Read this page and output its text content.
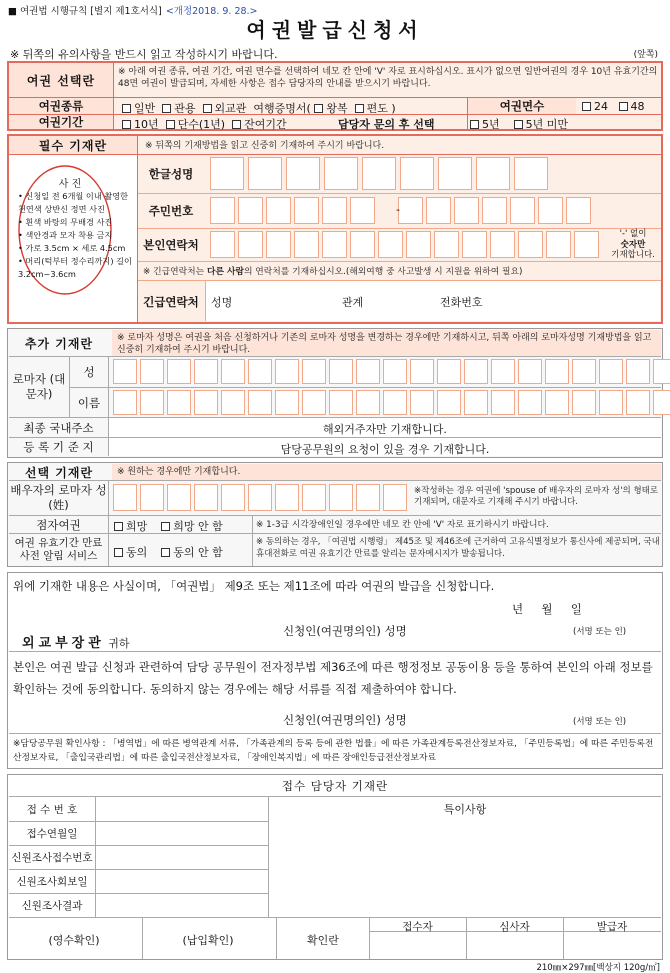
■ 여권법 시행규칙 [별지 제1호서식] <개정2018. 9. 28.>
여권발급신청서
※ 뒤쪽의 유의사항을 반드시 읽고 작성하시기 바랍니다.	(앞쪽)
여권 선택란
※ 아래 여권 종류, 여권 기간, 여권 면수를 선택하여 네모 칸 안에 'V' 자로 표시하십시오. 표시가 없으면 일반여권의 경우 10년 유효기간의 48면 여권이 발급되며, 자세한 사항은 접수 담당자의 안내를 받으시기 바랍니다.
여권종류	일반 관용 외교관 여행증명서( 왕복 편도 )	여권면수	24 48
여권기간	10년 단수(1년) 잔여기간	담당자 문의 후 선택	5년 5년 미만
필수 기재란	※ 뒤쪽의 기재방법을 읽고 신중히 기재하여 주시기 바랍니다.
사 진
• 신청일 전 6개월 이내 촬영한 천연색 상반신 정면 사진
• 흰색 바탕의 무배경 사진
• 색안경과 모자 착용 금지
• 가로 3.5cm × 세로 4.5cm
• 머리(턱부터 정수리까지) 길이 3.2cm~3.6cm
한글성명
주민번호	-
본인연락처
'-' 없이
숫자만
기재합니다.
※ 긴급연락처는 다른 사람의 연락처를 기재하십시오.(해외여행 중 사고발생 시 지원을 위하여 필요)
긴급연락처	성명	관계	전화번호
추가 기재란	※ 로마자 성명은 여권을 처음 신청하거나 기존의 로마자 성명을 변경하는 경우에만 기재하시고, 뒤쪽 아래의 로마자성명 기재방법을 읽고 신중히 기재하여 주시기 바랍니다.
로마자 (대문자)
성
이름
최종 국내주소	해외거주자만 기재합니다.
등 록 기 준 지	담당공무원의 요청이 있을 경우 기재합니다.
선택 기재란	※ 원하는 경우에만 기재합니다.
배우자의 로마자 성(姓)
※작성하는 경우 여권에 'spouse of 배우자의 로마자 성'의 형태로 기재되며, 대문자로 기재해 주시기 바랍니다.
점자여권	희망 희망 안 함	※ 1-3급 시각장애인일 경우에만 네모 칸 안에 'V' 자로 표기하시기 바랍니다.
여권 유효기간 만료 사전 알림 서비스	동의 동의 안 함
※ 동의하는 경우, 「여권법 시행령」 제45조 및 제46조에 근거하여 고유식별정보가 통신사에 제공되며, 국내 휴대전화로 여권 유효기간 만료를 알리는 문자메시지가 발송됩니다.
위에 기재한 내용은 사실이며, 「여권법」 제9조 또는 제11조에 따라 여권의 발급을 신청합니다.
년     월     일
외교부장관 귀하
신청인(여권명의인) 성명	(서명 또는 인)
본인은 여권 발급 신청과 관련하여 담당 공무원이 전자정부법 제36조에 따른 행정정보 공동이용 등을 통하여 본인의 아래 정보를 확인하는 것에 동의합니다. 동의하지 않는 경우에는 해당 서류를 직접 제출하여야 합니다.
신청인(여권명의인) 성명	(서명 또는 인)
※담당공무원 확인사항 : 「병역법」에 따른 병역관계 서류, 「가족관계의 등록 등에 관한 법률」에 따른 가족관계등록전산정보자료, 「주민등록법」에 따른 주민등록전산정보자료, 「출입국관리법」에 따른 출입국전산정보자료, 「장애인복지법」에 따른 장애인등급전산정보자료
접수 담당자 기재란
접 수 번 호
접수연월일
신원조사접수번호
신원조사회보일
신원조사결과
특이사항
(영수확인)	(납입확인)	확인란
접수자	심사자	발급자
210㎜×297㎜[백상지 120g/㎡]
